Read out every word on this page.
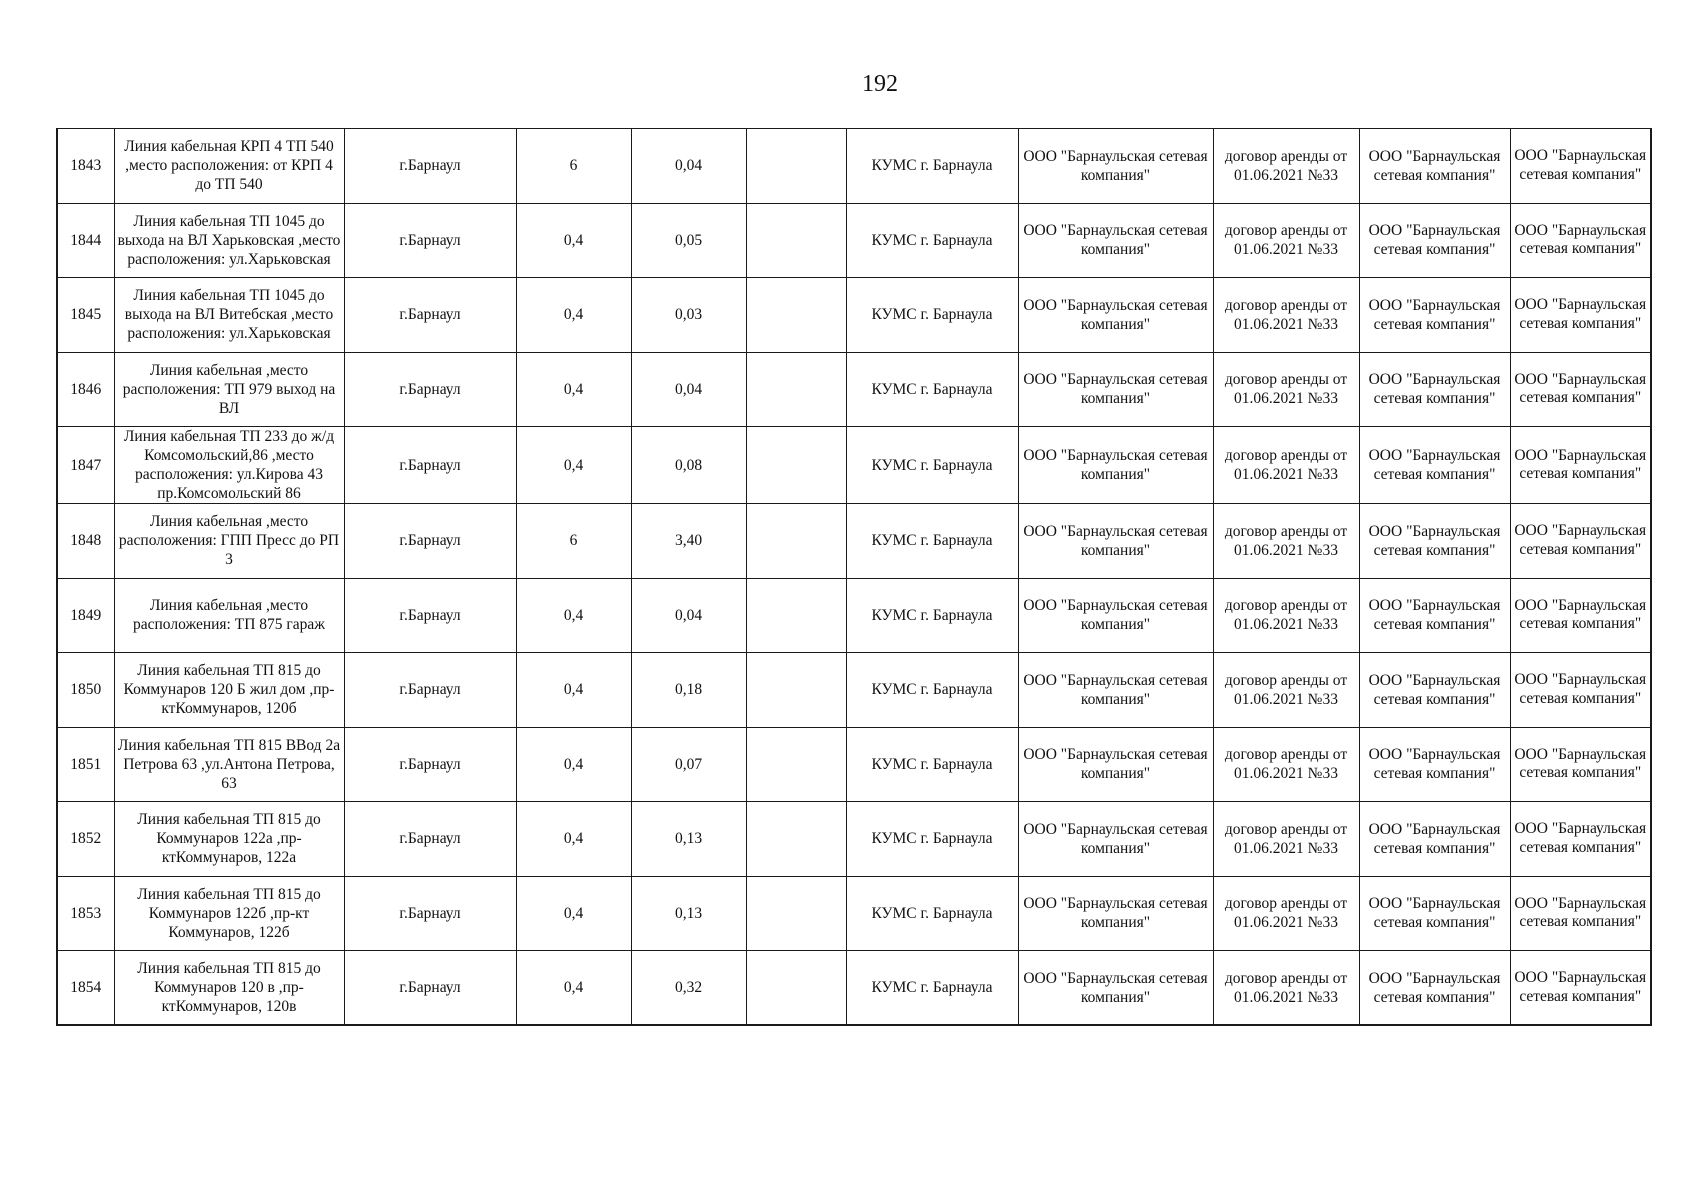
192
1843	Линия кабельная КРП 4 ТП 540 ,место расположения: от КРП 4 до ТП 540	г.Барнаул	6	0,04		КУМС г. Барнаула	ООО "Барнаульская сетевая компания"	договор аренды от 01.06.2021 №33	ООО "Барнаульская сетевая компания"	ООО "Барнаульская сетевая компания"
1844	Линия кабельная ТП 1045 до выхода на ВЛ Харьковская ,место расположения: ул.Харьковская	г.Барнаул	0,4	0,05		КУМС г. Барнаула	ООО "Барнаульская сетевая компания"	договор аренды от 01.06.2021 №33	ООО "Барнаульская сетевая компания"	ООО "Барнаульская сетевая компания"
1845	Линия кабельная ТП 1045 до выхода на ВЛ Витебская ,место расположения: ул.Харьковская	г.Барнаул	0,4	0,03		КУМС г. Барнаула	ООО "Барнаульская сетевая компания"	договор аренды от 01.06.2021 №33	ООО "Барнаульская сетевая компания"	ООО "Барнаульская сетевая компания"
1846	Линия кабельная ,место расположения: ТП 979 выход на ВЛ	г.Барнаул	0,4	0,04		КУМС г. Барнаула	ООО "Барнаульская сетевая компания"	договор аренды от 01.06.2021 №33	ООО "Барнаульская сетевая компания"	ООО "Барнаульская сетевая компания"
1847	Линия кабельная ТП 233 до ж/д Комсомольский,86 ,место расположения: ул.Кирова 43 пр.Комсомольский 86	г.Барнаул	0,4	0,08		КУМС г. Барнаула	ООО "Барнаульская сетевая компания"	договор аренды от 01.06.2021 №33	ООО "Барнаульская сетевая компания"	ООО "Барнаульская сетевая компания"
1848	Линия кабельная ,место расположения: ГПП Пресс до РП 3	г.Барнаул	6	3,40		КУМС г. Барнаула	ООО "Барнаульская сетевая компания"	договор аренды от 01.06.2021 №33	ООО "Барнаульская сетевая компания"	ООО "Барнаульская сетевая компания"
1849	Линия кабельная ,место расположения: ТП 875 гараж	г.Барнаул	0,4	0,04		КУМС г. Барнаула	ООО "Барнаульская сетевая компания"	договор аренды от 01.06.2021 №33	ООО "Барнаульская сетевая компания"	ООО "Барнаульская сетевая компания"
1850	Линия кабельная ТП 815 до Коммунаров 120 Б жил дом ,пр-ктКоммунаров, 120б	г.Барнаул	0,4	0,18		КУМС г. Барнаула	ООО "Барнаульская сетевая компания"	договор аренды от 01.06.2021 №33	ООО "Барнаульская сетевая компания"	ООО "Барнаульская сетевая компания"
1851	Линия кабельная ТП 815 ВВод 2а Петрова 63 ,ул.Антона Петрова, 63	г.Барнаул	0,4	0,07		КУМС г. Барнаула	ООО "Барнаульская сетевая компания"	договор аренды от 01.06.2021 №33	ООО "Барнаульская сетевая компания"	ООО "Барнаульская сетевая компания"
1852	Линия кабельная ТП 815 до Коммунаров 122а ,пр-ктКоммунаров, 122а	г.Барнаул	0,4	0,13		КУМС г. Барнаула	ООО "Барнаульская сетевая компания"	договор аренды от 01.06.2021 №33	ООО "Барнаульская сетевая компания"	ООО "Барнаульская сетевая компания"
1853	Линия кабельная ТП 815 до Коммунаров 122б ,пр-кт Коммунаров, 122б	г.Барнаул	0,4	0,13		КУМС г. Барнаула	ООО "Барнаульская сетевая компания"	договор аренды от 01.06.2021 №33	ООО "Барнаульская сетевая компания"	ООО "Барнаульская сетевая компания"
1854	Линия кабельная ТП 815 до Коммунаров 120 в ,пр-ктКоммунаров, 120в	г.Барнаул	0,4	0,32		КУМС г. Барнаула	ООО "Барнаульская сетевая компания"	договор аренды от 01.06.2021 №33	ООО "Барнаульская сетевая компания"	ООО "Барнаульская сетевая компания"
